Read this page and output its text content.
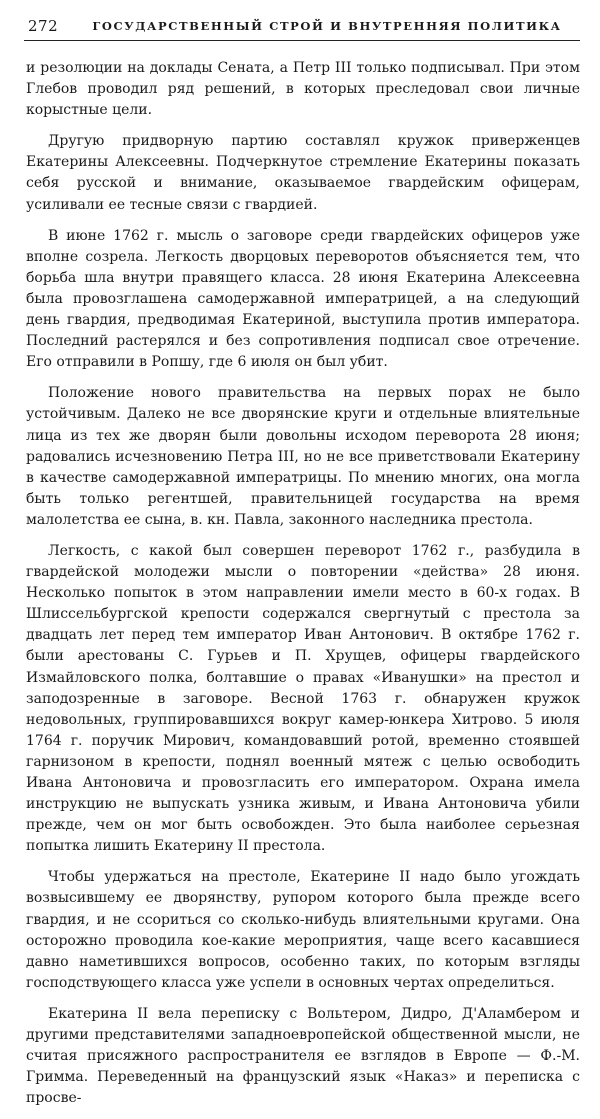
272	ГОСУДАРСТВЕННЫЙ СТРОЙ И ВНУТРЕННЯЯ ПОЛИТИКА

и резолюции на доклады Сената, а Петр III только подписывал. При этом Глебов проводил ряд решений, в которых преследовал свои личные корыстные цели.

Другую придворную партию составлял кружок приверженцев Екатерины Алексеевны. Подчеркнутое стремление Екатерины показать себя русской и внимание, оказываемое гвардейским офицерам, усиливали ее тесные связи с гвардией.

В июне 1762 г. мысль о заговоре среди гвардейских офицеров уже вполне созрела. Легкость дворцовых переворотов объясняется тем, что борьба шла внутри правящего класса. 28 июня Екатерина Алексеевна была провозглашена самодержавной императрицей, а на следующий день гвардия, предводимая Екатериной, выступила против императора. Последний растерялся и без сопротивления подписал свое отречение. Его отправили в Ропшу, где 6 июля он был убит.

Положение нового правительства на первых порах не было устойчивым. Далеко не все дворянские круги и отдельные влиятельные лица из тех же дворян были довольны исходом переворота 28 июня; радовались исчезновению Петра III, но не все приветствовали Екатерину в качестве самодержавной императрицы. По мнению многих, она могла быть только регентшей, правительницей государства на время малолетства ее сына, в. кн. Павла, законного наследника престола.

Легкость, с какой был совершен переворот 1762 г., разбудила в гвардейской молодежи мысли о повторении «действа» 28 июня. Несколько попыток в этом направлении имели место в 60-х годах. В Шлиссельбургской крепости содержался свергнутый с престола за двадцать лет перед тем император Иван Антонович. В октябре 1762 г. были арестованы С. Гурьев и П. Хрущев, офицеры гвардейского Измайловского полка, болтавшие о правах «Иванушки» на престол и заподозренные в заговоре. Весной 1763 г. обнаружен кружок недовольных, группировавшихся вокруг камер-юнкера Хитрово. 5 июля 1764 г. поручик Мирович, командовавший ротой, временно стоявшей гарнизоном в крепости, поднял военный мятеж с целью освободить Ивана Антоновича и провозгласить его императором. Охрана имела инструкцию не выпускать узника живым, и Ивана Антоновича убили прежде, чем он мог быть освобожден. Это была наиболее серьезная попытка лишить Екатерину II престола.

Чтобы удержаться на престоле, Екатерине II надо было угождать возвысившему ее дворянству, рупором которого была прежде всего гвардия, и не ссориться со сколько-нибудь влиятельными кругами. Она осторожно проводила кое-какие мероприятия, чаще всего касавшиеся давно наметившихся вопросов, особенно таких, по которым взгляды господствующего класса уже успели в основных чертах определиться.

Екатерина II вела переписку с Вольтером, Дидро, Д'Аламбером и другими представителями западноевропейской общественной мысли, не считая присяжного распространителя ее взглядов в Европе — Ф.-М. Гримма. Переведенный на французский язык «Наказ» и переписка с просве-
